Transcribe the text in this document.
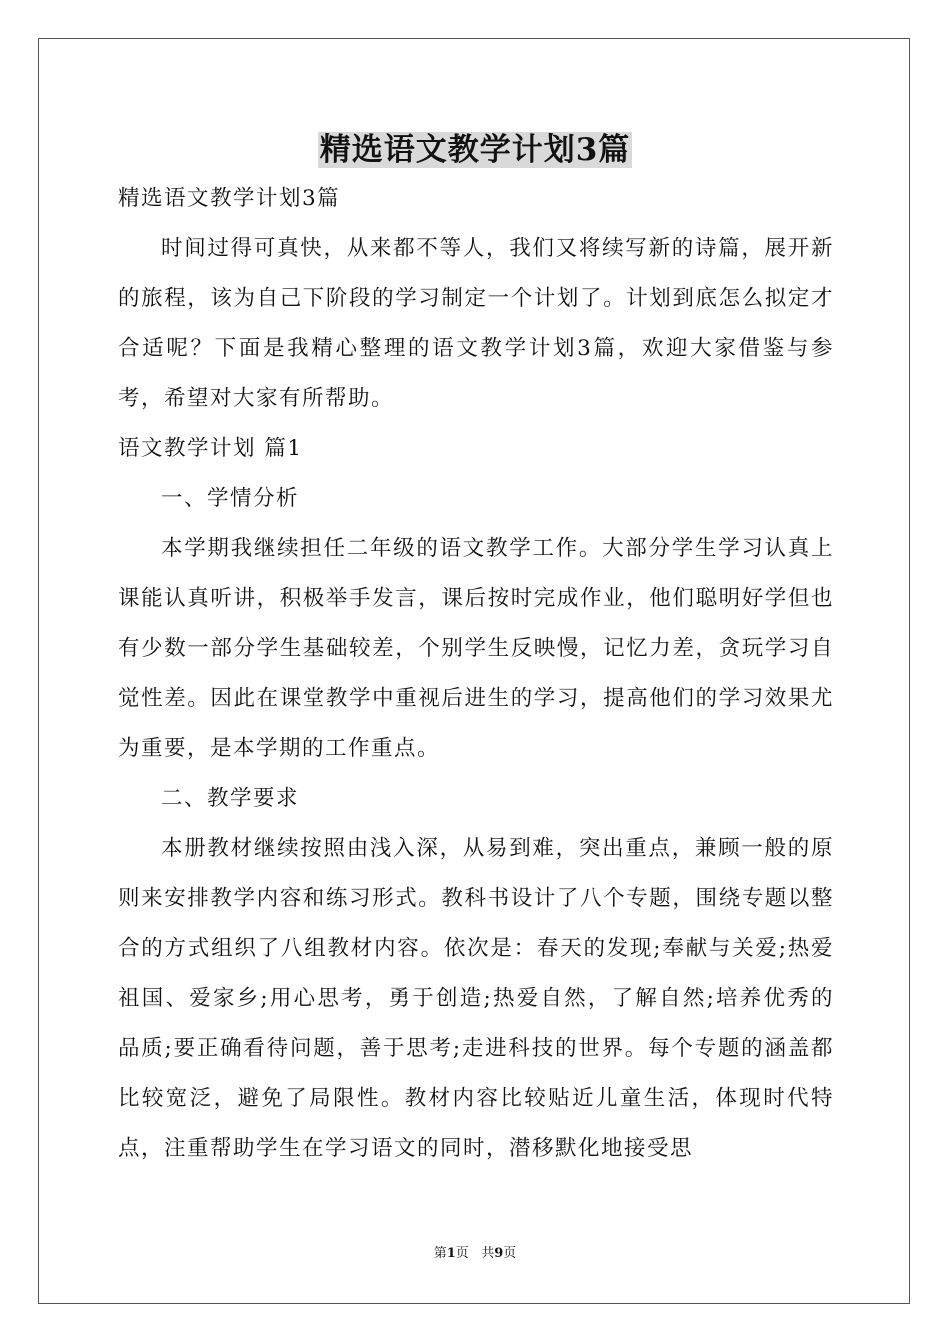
精选语文教学计划3篇

精选语文教学计划3篇

时间过得可真快，从来都不等人，我们又将续写新的诗篇，展开新的旅程，该为自己下阶段的学习制定一个计划了。计划到底怎么拟定才合适呢？下面是我精心整理的语文教学计划3篇，欢迎大家借鉴与参考，希望对大家有所帮助。

语文教学计划 篇1

一、学情分析

本学期我继续担任二年级的语文教学工作。大部分学生学习认真上课能认真听讲，积极举手发言，课后按时完成作业，他们聪明好学但也有少数一部分学生基础较差，个别学生反映慢，记忆力差，贪玩学习自觉性差。因此在课堂教学中重视后进生的学习，提高他们的学习效果尤为重要，是本学期的工作重点。

二、教学要求

本册教材继续按照由浅入深，从易到难，突出重点，兼顾一般的原则来安排教学内容和练习形式。教科书设计了八个专题，围绕专题以整合的方式组织了八组教材内容。依次是：春天的发现;奉献与关爱;热爱祖国、爱家乡;用心思考，勇于创造;热爱自然，了解自然;培养优秀的品质;要正确看待问题，善于思考;走进科技的世界。每个专题的涵盖都比较宽泛，避免了局限性。教材内容比较贴近儿童生活，体现时代特点，注重帮助学生在学习语文的同时，潜移默化地接受思

第1页 共9页
